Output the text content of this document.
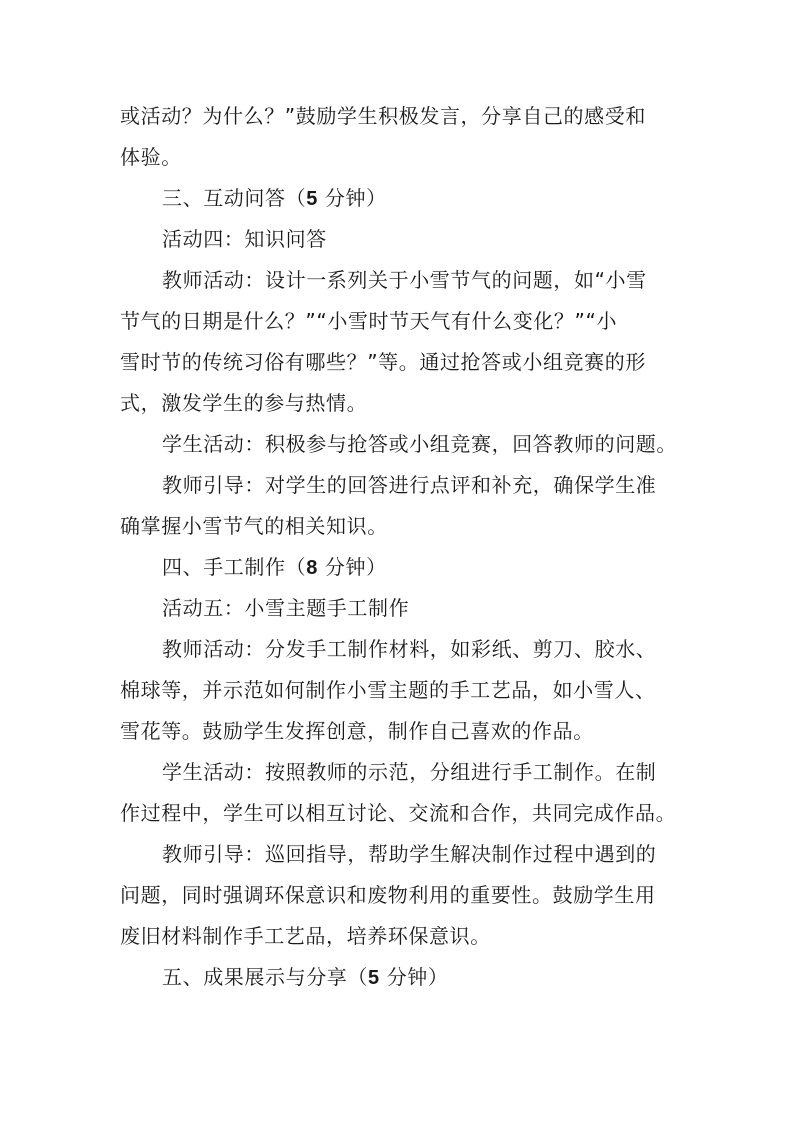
或活动？为什么？”鼓励学生积极发言，分享自己的感受和

体验。

三、互动问答（5 分钟）

活动四：知识问答

教师活动：设计一系列关于小雪节气的问题，如“小雪

节气的日期是什么？”“小雪时节天气有什么变化？”“小

雪时节的传统习俗有哪些？”等。通过抢答或小组竞赛的形

式，激发学生的参与热情。

学生活动：积极参与抢答或小组竞赛，回答教师的问题。

教师引导：对学生的回答进行点评和补充，确保学生准

确掌握小雪节气的相关知识。

四、手工制作（8 分钟）

活动五：小雪主题手工制作

教师活动：分发手工制作材料，如彩纸、剪刀、胶水、

棉球等，并示范如何制作小雪主题的手工艺品，如小雪人、

雪花等。鼓励学生发挥创意，制作自己喜欢的作品。

学生活动：按照教师的示范，分组进行手工制作。在制

作过程中，学生可以相互讨论、交流和合作，共同完成作品。

教师引导：巡回指导，帮助学生解决制作过程中遇到的

问题，同时强调环保意识和废物利用的重要性。鼓励学生用

废旧材料制作手工艺品，培养环保意识。

五、成果展示与分享（5 分钟）
